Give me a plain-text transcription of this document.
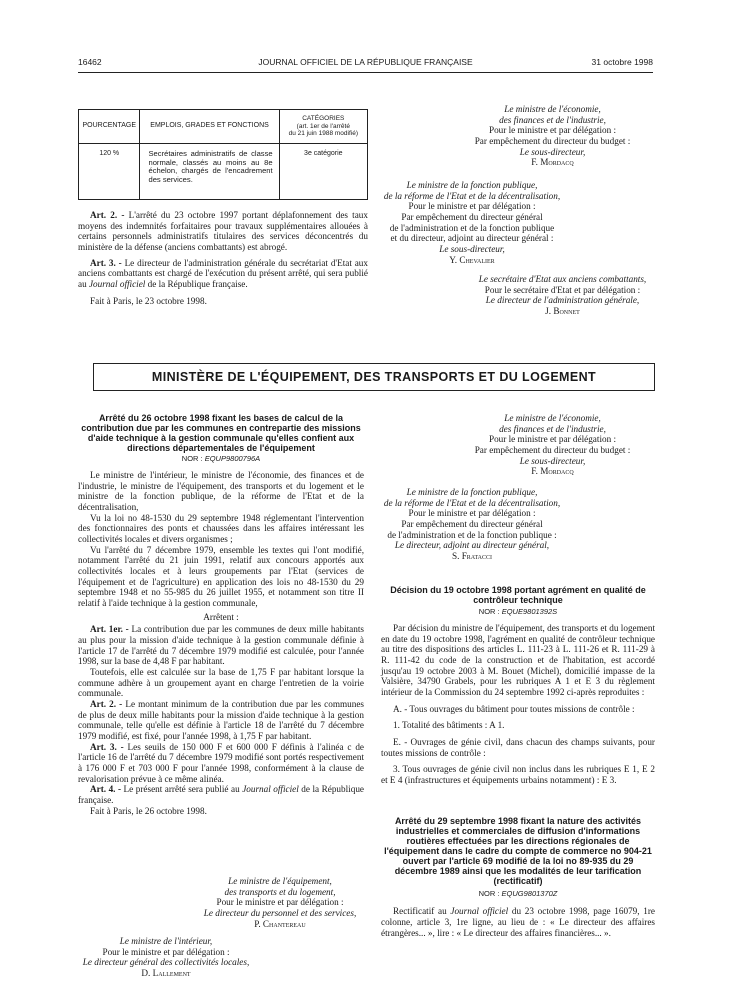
16462	JOURNAL OFFICIEL DE LA RÉPUBLIQUE FRANÇAISE	31 octobre 1998
POURCENTAGE	EMPLOIS, GRADES ET FONCTIONS	CATÉGORIES
(art. 1er de l'arrêté
du 21 juin 1988 modifié)

120 %	Secrétaires administratifs de classe normale, classés au moins au 8e échelon, chargés de l'encadrement des services.	3e catégorie

Art. 2. - L'arrêté du 23 octobre 1997 portant déplafonnement des taux moyens des indemnités forfaitaires pour travaux supplémentaires allouées à certains personnels administratifs titulaires des services déconcentrés du ministère de la défense (anciens combattants) est abrogé.

Art. 3. - Le directeur de l'administration générale du secrétariat d'Etat aux anciens combattants est chargé de l'exécution du présent arrêté, qui sera publié au Journal officiel de la République française.

Fait à Paris, le 23 octobre 1998.

Le ministre de l'économie,

des finances et de l'industrie,

Pour le ministre et par délégation :

Par empêchement du directeur du budget :

Le sous-directeur,

F. Mordacq

Le ministre de la fonction publique,

de la réforme de l'Etat et de la décentralisation,

Pour le ministre et par délégation :

Par empêchement du directeur général

de l'administration et de la fonction publique

et du directeur, adjoint au directeur général :

Le sous-directeur,

Y. Chevalier

Le secrétaire d'Etat aux anciens combattants,

Pour le secrétaire d'Etat et par délégation :

Le directeur de l'administration générale,

J. Bonnet

MINISTÈRE DE L'ÉQUIPEMENT, DES TRANSPORTS ET DU LOGEMENT

Arrêté du 26 octobre 1998 fixant les bases de calcul de la contribution due par les communes en contrepartie des missions d'aide technique à la gestion communale qu'elles confient aux directions départementales de l'équipement

NOR : EQUP9800796A

Le ministre de l'intérieur, le ministre de l'économie, des finances et de l'industrie, le ministre de l'équipement, des transports et du logement et le ministre de la fonction publique, de la réforme de l'Etat et de la décentralisation,

Vu la loi no 48-1530 du 29 septembre 1948 réglementant l'intervention des fonctionnaires des ponts et chaussées dans les affaires intéressant les collectivités locales et divers organismes ;

Vu l'arrêté du 7 décembre 1979, ensemble les textes qui l'ont modifié, notamment l'arrêté du 21 juin 1991, relatif aux concours apportés aux collectivités locales et à leurs groupements par l'Etat (services de l'équipement et de l'agriculture) en application des lois no 48-1530 du 29 septembre 1948 et no 55-985 du 26 juillet 1955, et notamment son titre II relatif à l'aide technique à la gestion communale,

Arrêtent :

Art. 1er. - La contribution due par les communes de deux mille habitants au plus pour la mission d'aide technique à la gestion communale définie à l'article 17 de l'arrêté du 7 décembre 1979 modifié est calculée, pour l'année 1998, sur la base de 4,48 F par habitant.

Toutefois, elle est calculée sur la base de 1,75 F par habitant lorsque la commune adhère à un groupement ayant en charge l'entretien de la voirie communale.

Art. 2. - Le montant minimum de la contribution due par les communes de plus de deux mille habitants pour la mission d'aide technique à la gestion communale, telle qu'elle est définie à l'article 18 de l'arrêté du 7 décembre 1979 modifié, est fixé, pour l'année 1998, à 1,75 F par habitant.

Art. 3. - Les seuils de 150 000 F et 600 000 F définis à l'alinéa c de l'article 16 de l'arrêté du 7 décembre 1979 modifié sont portés respectivement à 176 000 F et 703 000 F pour l'année 1998, conformément à la clause de revalorisation prévue à ce même alinéa.

Art. 4. - Le présent arrêté sera publié au Journal officiel de la République française.

Fait à Paris, le 26 octobre 1998.

Le ministre de l'équipement,

des transports et du logement,

Pour le ministre et par délégation :

Le directeur du personnel et des services,

P. Chantereau

Le ministre de l'intérieur,

Pour le ministre et par délégation :

Le directeur général des collectivités locales,

D. Lallement

Le ministre de l'économie,

des finances et de l'industrie,

Pour le ministre et par délégation :

Par empêchement du directeur du budget :

Le sous-directeur,

F. Mordacq

Le ministre de la fonction publique,

de la réforme de l'Etat et de la décentralisation,

Pour le ministre et par délégation :

Par empêchement du directeur général

de l'administration et de la fonction publique :

Le directeur, adjoint au directeur général,

S. Fratacci

Décision du 19 octobre 1998 portant agrément en qualité de contrôleur technique

NOR : EQUE9801392S

Par décision du ministre de l'équipement, des transports et du logement en date du 19 octobre 1998, l'agrément en qualité de contrôleur technique au titre des dispositions des articles L. 111-23 à L. 111-26 et R. 111-29 à R. 111-42 du code de la construction et de l'habitation, est accordé jusqu'au 19 octobre 2003 à M. Bouet (Michel), domicilié impasse de la Valsière, 34790 Grabels, pour les rubriques A 1 et E 3 du règlement intérieur de la Commission du 24 septembre 1992 ci-après reproduites :

A. - Tous ouvrages du bâtiment pour toutes missions de contrôle :

1. Totalité des bâtiments : A 1.

E. - Ouvrages de génie civil, dans chacun des champs suivants, pour toutes missions de contrôle :

3. Tous ouvrages de génie civil non inclus dans les rubriques E 1, E 2 et E 4 (infrastructures et équipements urbains notamment) : E 3.

Arrêté du 29 septembre 1998 fixant la nature des activités industrielles et commerciales de diffusion d'informations routières effectuées par les directions régionales de l'équipement dans le cadre du compte de commerce no 904-21 ouvert par l'article 69 modifié de la loi no 89-935 du 29 décembre 1989 ainsi que les modalités de leur tarification (rectificatif)

NOR : EQUG9801370Z

Rectificatif au Journal officiel du 23 octobre 1998, page 16079, 1re colonne, article 3, 1re ligne, au lieu de : « Le directeur des affaires étrangères... », lire : « Le directeur des affaires financières... ».
